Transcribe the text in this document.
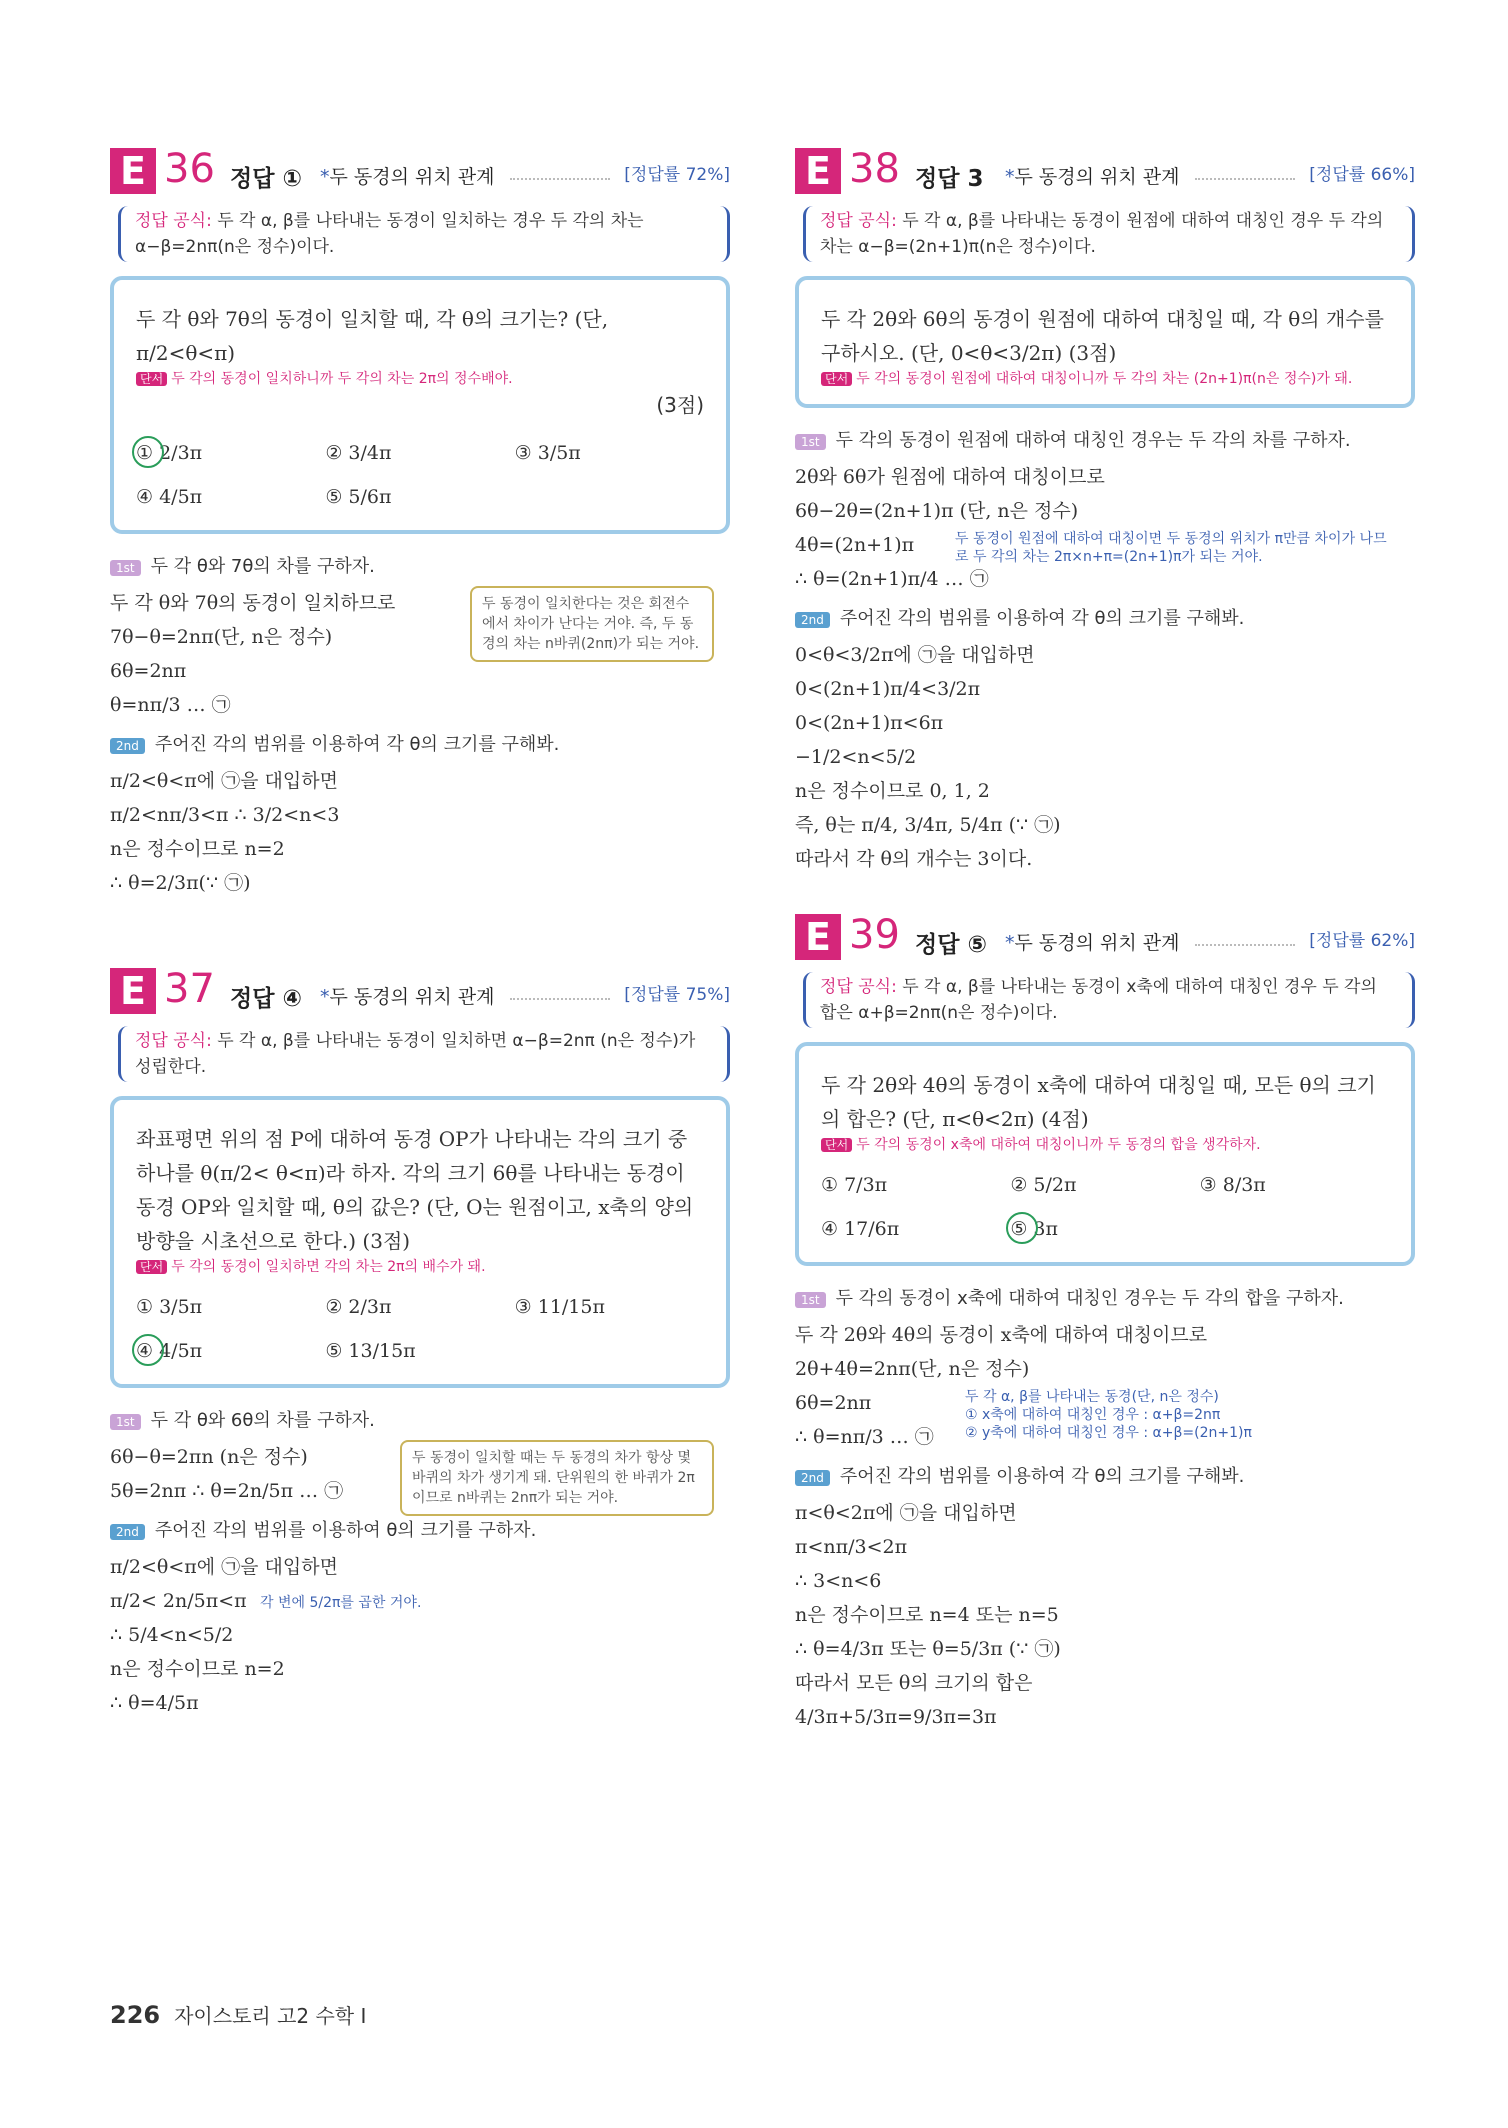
E 36 정답 ① *두 동경의 위치 관계	[정답률 72%]
정답 공식: 두 각 α, β를 나타내는 동경이 일치하는 경우 두 각의 차는 α−β=2nπ(n은 정수)이다.
두 각 θ와 7θ의 동경이 일치할 때, 각 θ의 크기는? (단, π/2<θ<π)
단서 두 각의 동경이 일치하니까 두 각의 차는 2π의 정수배야.
(3점)
① 2/3π	② 3/4π	③ 3/5π
④ 4/5π	⑤ 5/6π
1st 두 각 θ와 7θ의 차를 구하자.
두 각 θ와 7θ의 동경이 일치하므로
7θ−θ=2nπ(단, n은 정수)
6θ=2nπ
θ=nπ/3 … ㉠
두 동경이 일치한다는 것은 회전수에서 차이가 난다는 거야. 즉, 두 동경의 차는 n바퀴(2nπ)가 되는 거야.
2nd 주어진 각의 범위를 이용하여 각 θ의 크기를 구해봐.
π/2<θ<π에 ㉠을 대입하면
π/2<nπ/3<π ∴ 3/2<n<3
n은 정수이므로 n=2
∴ θ=2/3π(∵ ㉠)
E 37 정답 ④ *두 동경의 위치 관계	[정답률 75%]
정답 공식: 두 각 α, β를 나타내는 동경이 일치하면 α−β=2nπ (n은 정수)가 성립한다.
좌표평면 위의 점 P에 대하여 동경 OP가 나타내는 각의 크기 중 하나를 θ(π/2< θ<π)라 하자. 각의 크기 6θ를 나타내는 동경이 동경 OP와 일치할 때, θ의 값은? (단, O는 원점이고, x축의 양의 방향을 시초선으로 한다.) (3점)
단서 두 각의 동경이 일치하면 각의 차는 2π의 배수가 돼.
① 3/5π	② 2/3π	③ 11/15π
④ 4/5π	⑤ 13/15π
1st 두 각 θ와 6θ의 차를 구하자.
6θ−θ=2πn (n은 정수)
5θ=2nπ ∴ θ=2n/5π … ㉠
두 동경이 일치할 때는 두 동경의 차가 항상 몇 바퀴의 차가 생기게 돼. 단위원의 한 바퀴가 2π이므로 n바퀴는 2nπ가 되는 거야.
2nd 주어진 각의 범위를 이용하여 θ의 크기를 구하자.
π/2<θ<π에 ㉠을 대입하면
π/2< 2n/5π<π
∴ 5/4<n<5/2
n은 정수이므로 n=2
∴ θ=4/5π
각 변에 5/2π를 곱한 거야.
E 38 정답 3 *두 동경의 위치 관계	[정답률 66%]
정답 공식: 두 각 α, β를 나타내는 동경이 원점에 대하여 대칭인 경우 두 각의 차는 α−β=(2n+1)π(n은 정수)이다.
두 각 2θ와 6θ의 동경이 원점에 대하여 대칭일 때, 각 θ의 개수를 구하시오. (단, 0<θ<3/2π) (3점)
단서 두 각의 동경이 원점에 대하여 대칭이니까 두 각의 차는 (2n+1)π(n은 정수)가 돼.
1st 두 각의 동경이 원점에 대하여 대칭인 경우는 두 각의 차를 구하자.
2θ와 6θ가 원점에 대하여 대칭이므로
6θ−2θ=(2n+1)π (단, n은 정수)
4θ=(2n+1)π
∴ θ=(2n+1)π/4 … ㉠
두 동경이 원점에 대하여 대칭이면 두 동경의 위치가 π만큼 차이가 나므로 두 각의 차는 2π×n+π=(2n+1)π가 되는 거야.
2nd 주어진 각의 범위를 이용하여 각 θ의 크기를 구해봐.
0<θ<3/2π에 ㉠을 대입하면
0<(2n+1)π/4<3/2π
0<(2n+1)π<6π
−1/2<n<5/2
n은 정수이므로 0, 1, 2
즉, θ는 π/4, 3/4π, 5/4π (∵ ㉠)
따라서 각 θ의 개수는 3이다.
E 39 정답 ⑤ *두 동경의 위치 관계	[정답률 62%]
정답 공식: 두 각 α, β를 나타내는 동경이 x축에 대하여 대칭인 경우 두 각의 합은 α+β=2nπ(n은 정수)이다.
두 각 2θ와 4θ의 동경이 x축에 대하여 대칭일 때, 모든 θ의 크기의 합은? (단, π<θ<2π) (4점)
단서 두 각의 동경이 x축에 대하여 대칭이니까 두 동경의 합을 생각하자.
① 7/3π	② 5/2π	③ 8/3π
④ 17/6π	⑤ 3π
1st 두 각의 동경이 x축에 대하여 대칭인 경우는 두 각의 합을 구하자.
두 각 2θ와 4θ의 동경이 x축에 대하여 대칭이므로
2θ+4θ=2nπ(단, n은 정수)
6θ=2nπ
∴ θ=nπ/3 … ㉠
두 각 α, β를 나타내는 동경(단, n은 정수)
① x축에 대하여 대칭인 경우 : α+β=2nπ
② y축에 대하여 대칭인 경우 : α+β=(2n+1)π
2nd 주어진 각의 범위를 이용하여 각 θ의 크기를 구해봐.
π<θ<2π에 ㉠을 대입하면
π<nπ/3<2π
∴ 3<n<6
n은 정수이므로 n=4 또는 n=5
∴ θ=4/3π 또는 θ=5/3π (∵ ㉠)
따라서 모든 θ의 크기의 합은
4/3π+5/3π=9/3π=3π
226 자이스토리 고2 수학 I
